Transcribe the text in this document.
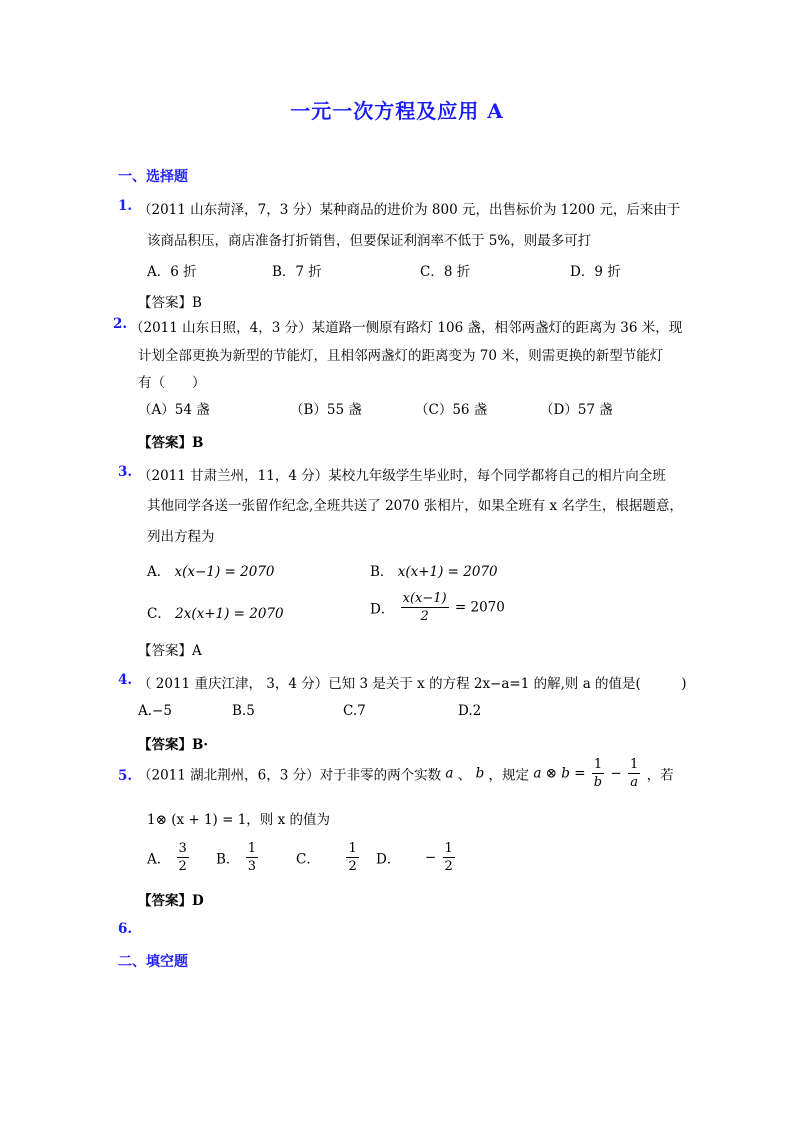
一元一次方程及应用 A
一、选择题
1. （2011 山东菏泽，7，3 分）某种商品的进价为 800 元，出售标价为 1200 元，后来由于
该商品积压，商店准备打折销售，但要保证利润率不低于 5%，则最多可打
A．6 折	B．7 折	C．8 折	D．9 折
【答案】B
2. （2011 山东日照，4，3 分）某道路一侧原有路灯 106 盏，相邻两盏灯的距离为 36 米，现
计划全部更换为新型的节能灯，且相邻两盏灯的距离变为 70 米，则需更换的新型节能灯
有（　　）
（A）54 盏	（B）55 盏	（C）56 盏	（D）57 盏
【答案】B
3. （2011 甘肃兰州，11，4 分）某校九年级学生毕业时，每个同学都将自己的相片向全班
其他同学各送一张留作纪念,全班共送了 2070 张相片，如果全班有 x 名学生，根据题意，
列出方程为
A． x(x−1) = 2070	B． x(x+1) = 2070
C． 2x(x+1) = 2070	D． $\frac{x(x-1)}{2} = 2070$
【答案】A
4. （ 2011 重庆江津， 3，4 分）已知 3 是关于 x 的方程 2x−a=1 的解,则 a 的值是(　　　)
A.−5	B.5	C.7	D.2
【答案】B·
5. （2011 湖北荆州，6，3 分）对于非零的两个实数 a 、 b ，规定 a ⊗ $b = \frac{1}{b} - \frac{1}{a}$ ，若
1⊗ (x + 1) = 1，则 x 的值为
A． $\frac{3}{2}$ B． $\frac{1}{3}$	C． $\frac{1}{2}$ D． − $\frac{1}{2}$
【答案】D
6.
二、填空题
